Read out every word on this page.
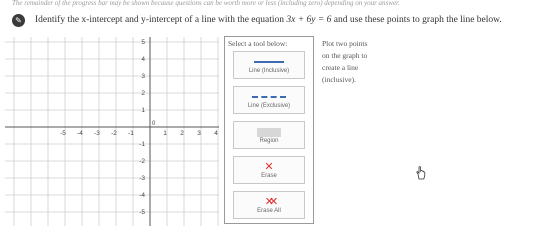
The remainder of the progress bar may be shown because questions can be worth more or less (including zero) depending on your answer.
✎	Identify the x-intercept and y-intercept of a line with the equation 3x + 6y = 6 and use these points to graph the line below.
-5 -4 -3 -2 -1	1 2 3 4
5
4
3
2
1
-1
-2
-3
-4
-5
0
Select a tool below:
Line (Inclusive)
Line (Exclusive)
Region
✕
Erase
✕✕
Erase All
Plot two points
on the graph to
create a line
(inclusive).
